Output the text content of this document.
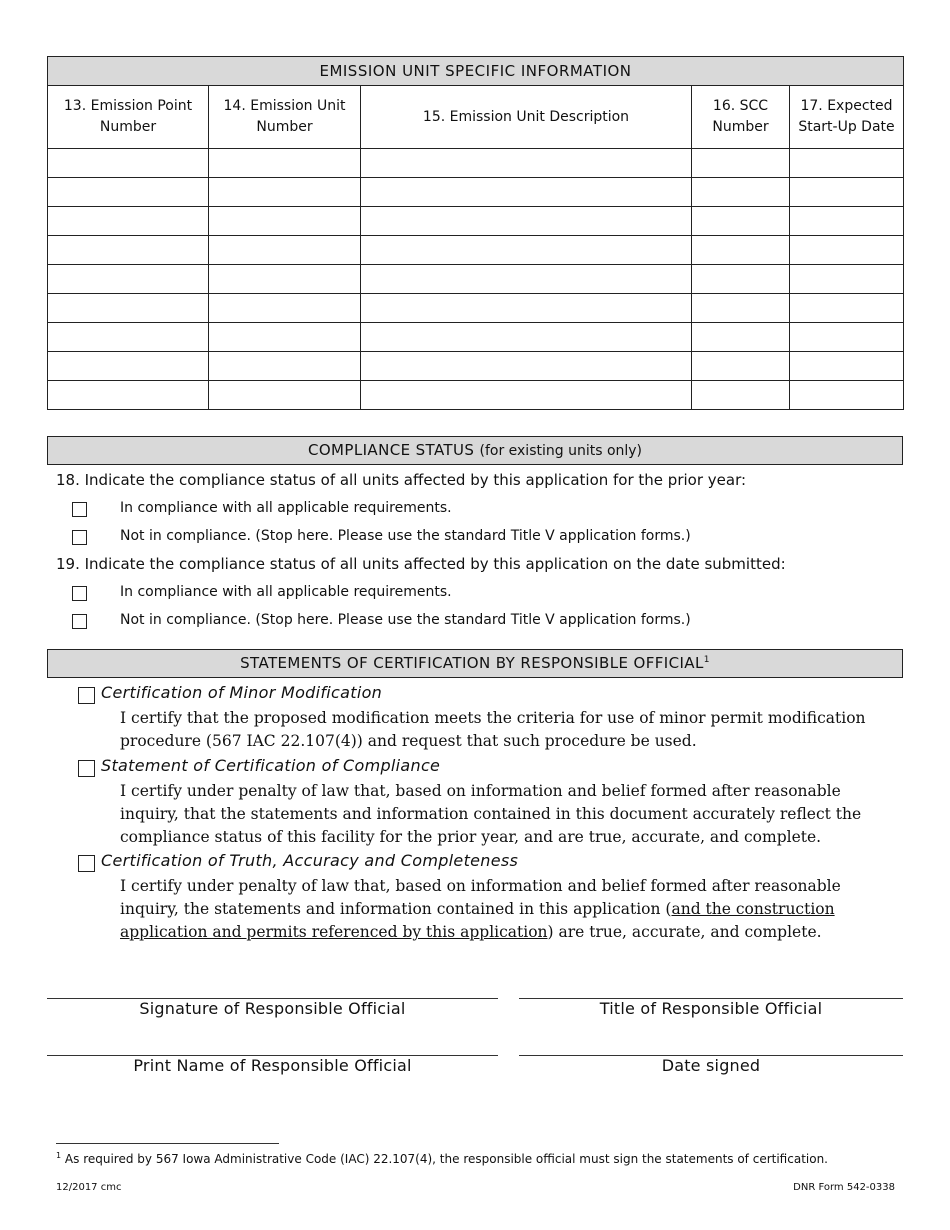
EMISSION UNIT SPECIFIC INFORMATION				
13. Emission Point Number	14. Emission Unit Number	15. Emission Unit Description	16. SCC Number	17. Expected Start-Up Date

COMPLIANCE STATUS (for existing units only)
18. Indicate the compliance status of all units affected by this application for the prior year:
In compliance with all applicable requirements.
Not in compliance. (Stop here. Please use the standard Title V application forms.)
19. Indicate the compliance status of all units affected by this application on the date submitted:
In compliance with all applicable requirements.
Not in compliance. (Stop here. Please use the standard Title V application forms.)
STATEMENTS OF CERTIFICATION BY RESPONSIBLE OFFICIAL$^1$
Certification of Minor Modification
I certify that the proposed modification meets the criteria for use of minor permit modification procedure (567 IAC 22.107(4)) and request that such procedure be used.
Statement of Certification of Compliance
I certify under penalty of law that, based on information and belief formed after reasonable inquiry, that the statements and information contained in this document accurately reflect the compliance status of this facility for the prior year, and are true, accurate, and complete.
Certification of Truth, Accuracy and Completeness
I certify under penalty of law that, based on information and belief formed after reasonable inquiry, the statements and information contained in this application (and the construction application and permits referenced by this application) are true, accurate, and complete.
Signature of Responsible Official	Title of Responsible Official
Print Name of Responsible Official	Date signed
$^1$ As required by 567 Iowa Administrative Code (IAC) 22.107(4), the responsible official must sign the statements of certification.
12/2017 cmc	DNR Form 542-0338
